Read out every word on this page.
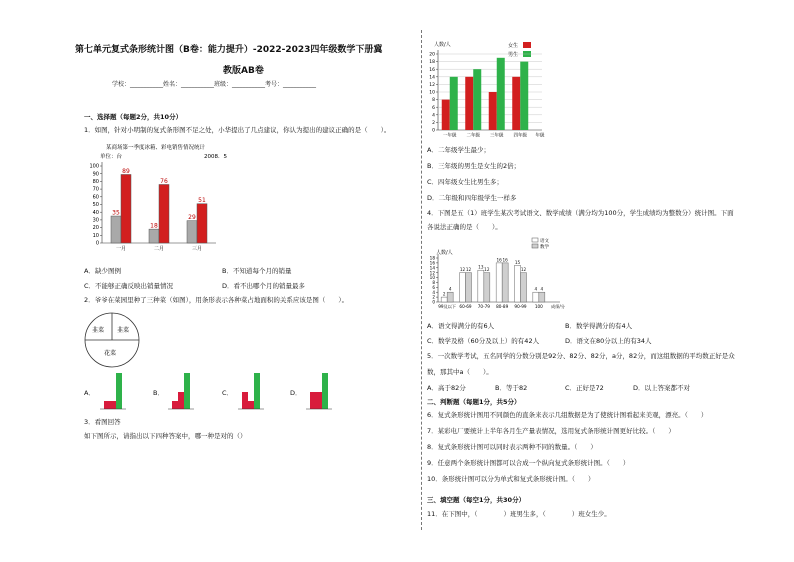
第七单元复式条形统计图（B卷：能力提升）-2022-2023四年级数学下册冀
教版AB卷
学校：___________姓名：___________班级：___________考号：___________
一、选择题（每题2分，共10分）
1．如图，针对小明制的复式条形图不足之处，小华提出了几点建议，你认为提出的建议正确的是（　　）。
某商场第一季度冰箱、彩电销售情况统计
单位：台	2008．5
0
10
20
30
40
50
60
70
80
90
100
一月	二月	三月
35
89
18
76
29
51
A．缺少图例	B．不知道每个月的销量
C．不能够正确反映出销量情况	D．看不出哪个月的销量最多
2．爷爷在菜园里种了三种菜（如图），用条形表示各种菜占地面积的关系应该是图（　　）。
韭菜 韭菜
花菜
A．	B．	C．	D．
3．看图回答
如下图所示，请指出以下四种答案中，哪一种是对的（）
人数/人	女生
男生
0
2
4
6
8
10
12
14
16
18
20
一年级 二年级 三年级 四年级 年级
A．二年级学生最少；
B．三年级的男生是女生的2倍；
C．四年级女生比男生多；
D．二年级和四年级学生一样多
4．下图是五（1）班学生某次考试语文、数学成绩（满分均为100分，学生成绩均为整数分）统计图。下面
各说法正确的是（　　）。
人数/人
语文
数学
0
2
4
6
8
10
12
14
16
18
99及以下 60-69 70-79 80-89 90-99 100 成绩/分
2
4
12 12 13 12
16 16 15
12
4 4
A．语文得满分的有6人	B．数学得满分的有4人
C．数学及格（60分及以上）的有42人	D．语文在80分以上的有34人
5．一次数学考试，五名同学的分数分别是92分、82分、82分，a分，82分，而这组数据的平均数正好是众
数，那其中a（　　）。
A．高于82分	B．等于82	C．正好是72	D．以上答案都不对
二、判断题（每题1分，共5分）
6．复式条形统计图用不同颜色的直条来表示几组数据是为了使统计图看起来美观，漂亮。（　　）
7．某彩电厂要统计上半年各月生产量表情况，选用复式条形统计图更好比较。（　　）
8．复式条形统计图可以同时表示两种不同的数量。（　　）
9．任意两个条形统计图都可以合成一个纵向复式条形统计图。（　　）
10．条形统计图可以分为单式和复式条形统计图。（　　）
三、填空题（每空1分，共30分）
11．在下图中，（　　　　）班男生多，（　　　　）班女生少。
